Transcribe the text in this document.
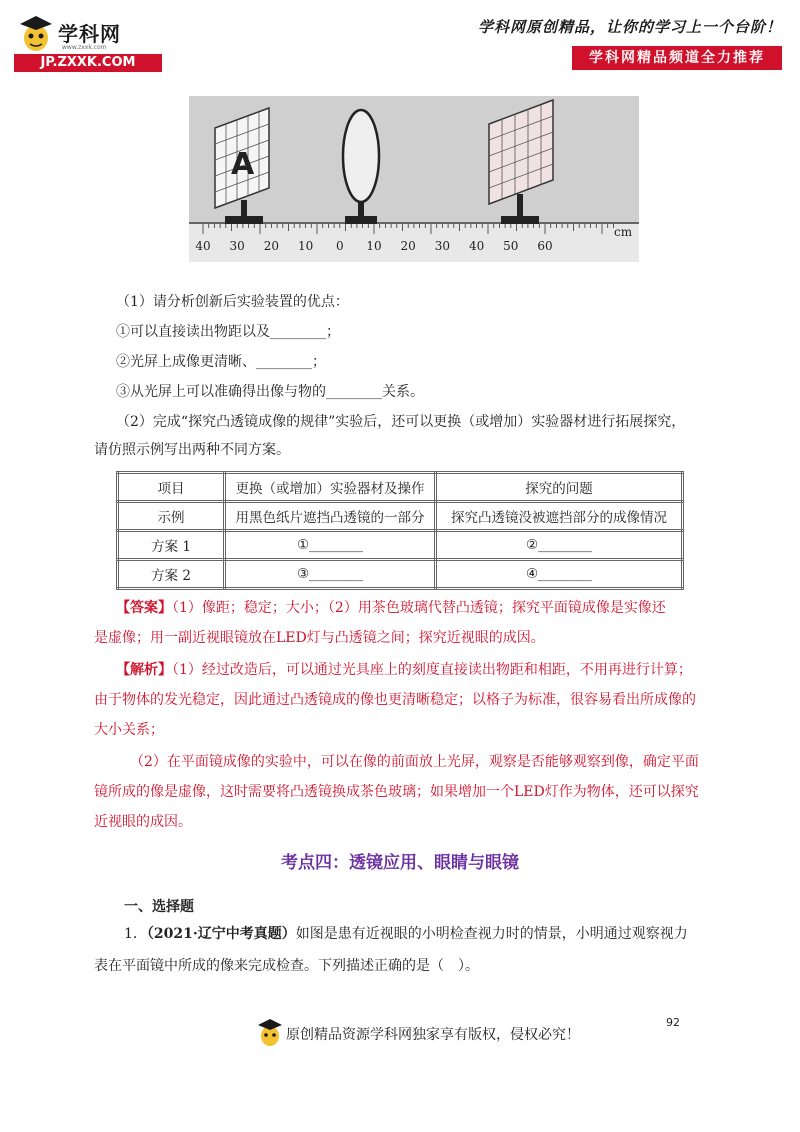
学科网
www.zxxk.com
JP.ZXXK.COM
学科网原创精品，让你的学习上一个台阶！
学科网精品频道全力推荐
A
40 30 20 10 0 10 20 30 40 50 60
cm
（1）请分析创新后实验装置的优点：
①可以直接读出物距以及________；
②光屏上成像更清晰、________；
③从光屏上可以准确得出像与物的________关系。
（2）完成“探究凸透镜成像的规律”实验后，还可以更换（或增加）实验器材进行拓展探究，
请仿照示例写出两种不同方案。
项目	更换（或增加）实验器材及操作	探究的问题
示例	用黑色纸片遮挡凸透镜的一部分	探究凸透镜没被遮挡部分的成像情况
方案 1	①________	②________
方案 2	③________	④________
【答案】（1）像距；稳定；大小；（2）用茶色玻璃代替凸透镜；探究平面镜成像是实像还
是虚像；用一副近视眼镜放在LED灯与凸透镜之间；探究近视眼的成因。
【解析】（1）经过改造后，可以通过光具座上的刻度直接读出物距和相距，不用再进行计算；
由于物体的发光稳定，因此通过凸透镜成的像也更清晰稳定；以格子为标准，很容易看出所成像的
大小关系；
（2）在平面镜成像的实验中，可以在像的前面放上光屏，观察是否能够观察到像，确定平面
镜所成的像是虚像，这时需要将凸透镜换成茶色玻璃；如果增加一个LED灯作为物体，还可以探究
近视眼的成因。
考点四：透镜应用、眼睛与眼镜
一、选择题
1．（2021·辽宁中考真题）如图是患有近视眼的小明检查视力时的情景，小明通过观察视力
表在平面镜中所成的像来完成检查。下列描述正确的是（　）。
92
原创精品资源学科网独家享有版权，侵权必究！
